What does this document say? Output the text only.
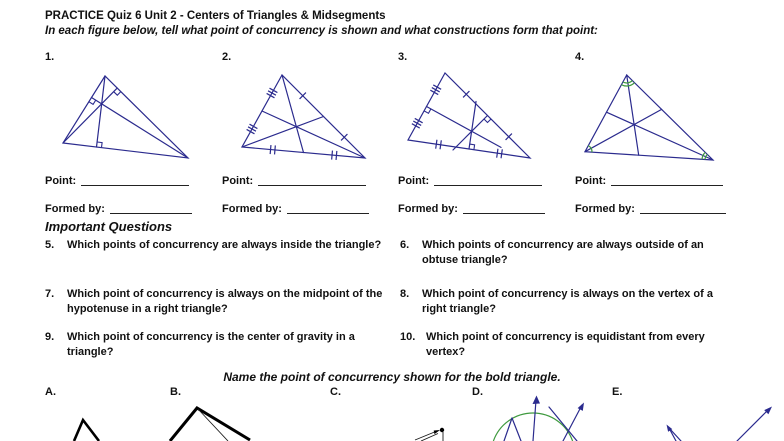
PRACTICE Quiz 6 Unit 2 - Centers of Triangles & Midsegments
In each figure below, tell what point of concurrency is shown and what constructions form that point:
1.	2.	3.	4.
Point:	Point:	Point:	Point:
Formed by:	Formed by:	Formed by:	Formed by:
Important Questions
5.	Which points of concurrency are always inside the triangle? 6.	Which points of concurrency are always outside of an obtuse triangle?
7.	Which point of concurrency is always on the midpoint of the hypotenuse in a right triangle?
8.	Which point of concurrency is always on the vertex of a right triangle?
9.	Which point of concurrency is the center of gravity in a triangle?
10. Which point of concurrency is equidistant from every vertex?
Name the point of concurrency shown for the bold triangle.
A.	B.	C.	D.	E.
